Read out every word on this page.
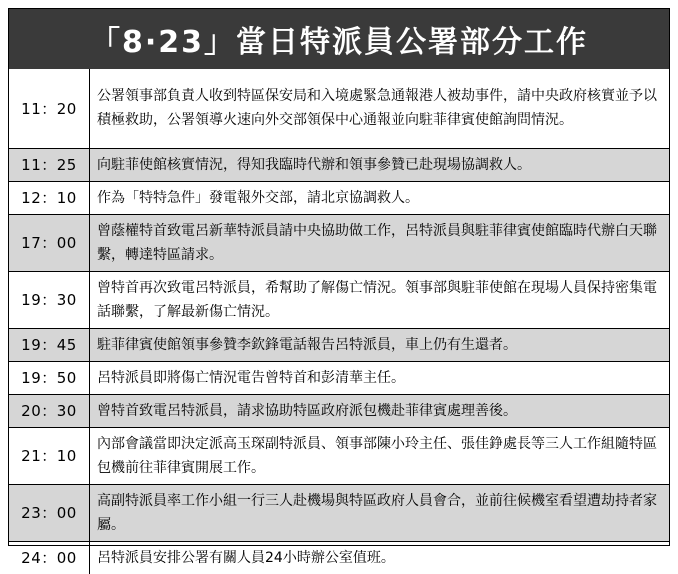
「8·23」當日特派員公署部分工作
11：20	公署領事部負責人收到特區保安局和入境處緊急通報港人被劫事件，請中央政府核實並予以積極救助，公署領導火速向外交部領保中心通報並向駐菲律賓使館詢問情況。
11：25	向駐菲使館核實情況，得知我臨時代辦和領事參贊已赴現場協調救人。
12：10	作為「特特急件」發電報外交部，請北京協調救人。
17：00	曾蔭權特首致電呂新華特派員請中央協助做工作，呂特派員與駐菲律賓使館臨時代辦白天聯繫，轉達特區請求。
19：30	曾特首再次致電呂特派員，希幫助了解傷亡情況。領事部與駐菲使館在現場人員保持密集電話聯繫，了解最新傷亡情況。
19：45	駐菲律賓使館領事參贊李欽鋒電話報告呂特派員，車上仍有生還者。
19：50	呂特派員即將傷亡情況電告曾特首和彭清華主任。
20：30	曾特首致電呂特派員，請求協助特區政府派包機赴菲律賓處理善後。
21：10	內部會議當即決定派高玉琛副特派員、領事部陳小玲主任、張佳錚處長等三人工作組隨特區包機前往菲律賓開展工作。
23：00	高副特派員率工作小組一行三人赴機場與特區政府人員會合，並前往候機室看望遭劫持者家屬。
24：00	呂特派員安排公署有關人員24小時辦公室值班。
